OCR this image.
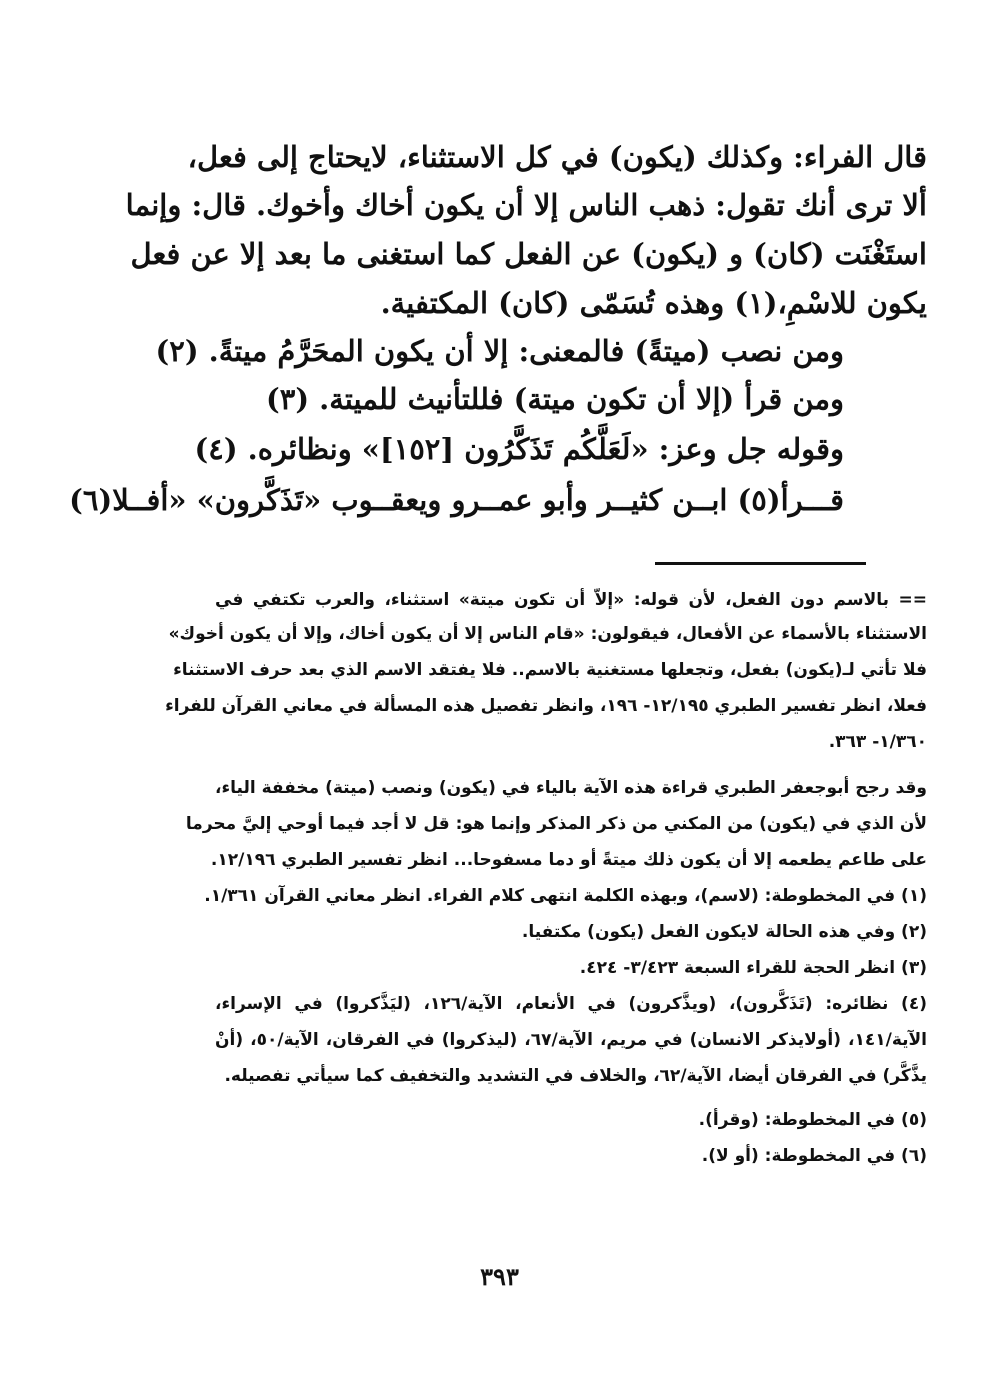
قال الفراء: وكذلك (يكون) في كل الاستثناء، لايحتاج إلى فعل،
ألا ترى أنك تقول: ذهب الناس إلا أن يكون أخاك وأخوك. قال: وإنما
استَغْنَت (كان) و (يكون) عن الفعل كما استغنى ما بعد إلا عن فعل
يكون للاسْمِ،(١) وهذه تُسَمّى (كان) المكتفية.
ومن نصب (ميتةً) فالمعنى: إلا أن يكون المحَرَّمُ ميتةً. (٢)
ومن قرأ (إلا أن تكون ميتة) فللتأنيث للميتة. (٣)
وقوله جل وعز: «لَعَلَّكُم تَذَكَّرُون [١٥٢]» ونظائره. (٤)
قـــرأ(٥) ابــن كثيــر وأبو عمــرو ويعقــوب «تَذَكَّرون» «أفــلا(٦)
== بالاسم دون الفعل، لأن قوله: «إلاّ أن تكون ميتة» استثناء، والعرب تكتفي في
الاستثناء بالأسماء عن الأفعال، فيقولون: «قام الناس إلا أن يكون أخاك، وإلا أن يكون أخوك»
فلا تأتي لـ(يكون) بفعل، وتجعلها مستغنية بالاسم.. فلا يفتقد الاسم الذي بعد حرف الاستثناء
فعلا، انظر تفسير الطبري ١٢/١٩٥- ١٩٦، وانظر تفصيل هذه المسألة في معاني القرآن للفراء
١/٣٦٠- ٣٦٣.
وقد رجح أبوجعفر الطبري قراءة هذه الآية بالياء في (يكون) ونصب (ميتة) مخففة الياء،
لأن الذي في (يكون) من المكني من ذكر المذكر وإنما هو: قل لا أجد فيما أوحي إليَّ محرما
على طاعم يطعمه إلا أن يكون ذلك ميتةً أو دما مسفوحا... انظر تفسير الطبري ١٢/١٩٦.
(١) في المخطوطة: (لاسم)، وبهذه الكلمة انتهى كلام الفراء. انظر معاني القرآن ١/٣٦١.
(٢) وفي هذه الحالة لايكون الفعل (يكون) مكتفيا.
(٣) انظر الحجة للقراء السبعة ٣/٤٢٣- ٤٢٤.
(٤) نظائره: (تَذَكَّرون)، (ويذَّكرون) في الأنعام، الآية/١٢٦، (ليَذَّكروا) في الإسراء،
الآية/١٤١، (أولايذكر الانسان) في مريم، الآية/٦٧، (ليذكروا) في الفرقان، الآية/٥٠، (أنْ
يذَّكَّر) في الفرقان أيضا، الآية/٦٢، والخلاف في التشديد والتخفيف كما سيأتي تفصيله.
(٥) في المخطوطة: (وقرأ).
(٦) في المخطوطة: (أو لا).
٣٩٣
